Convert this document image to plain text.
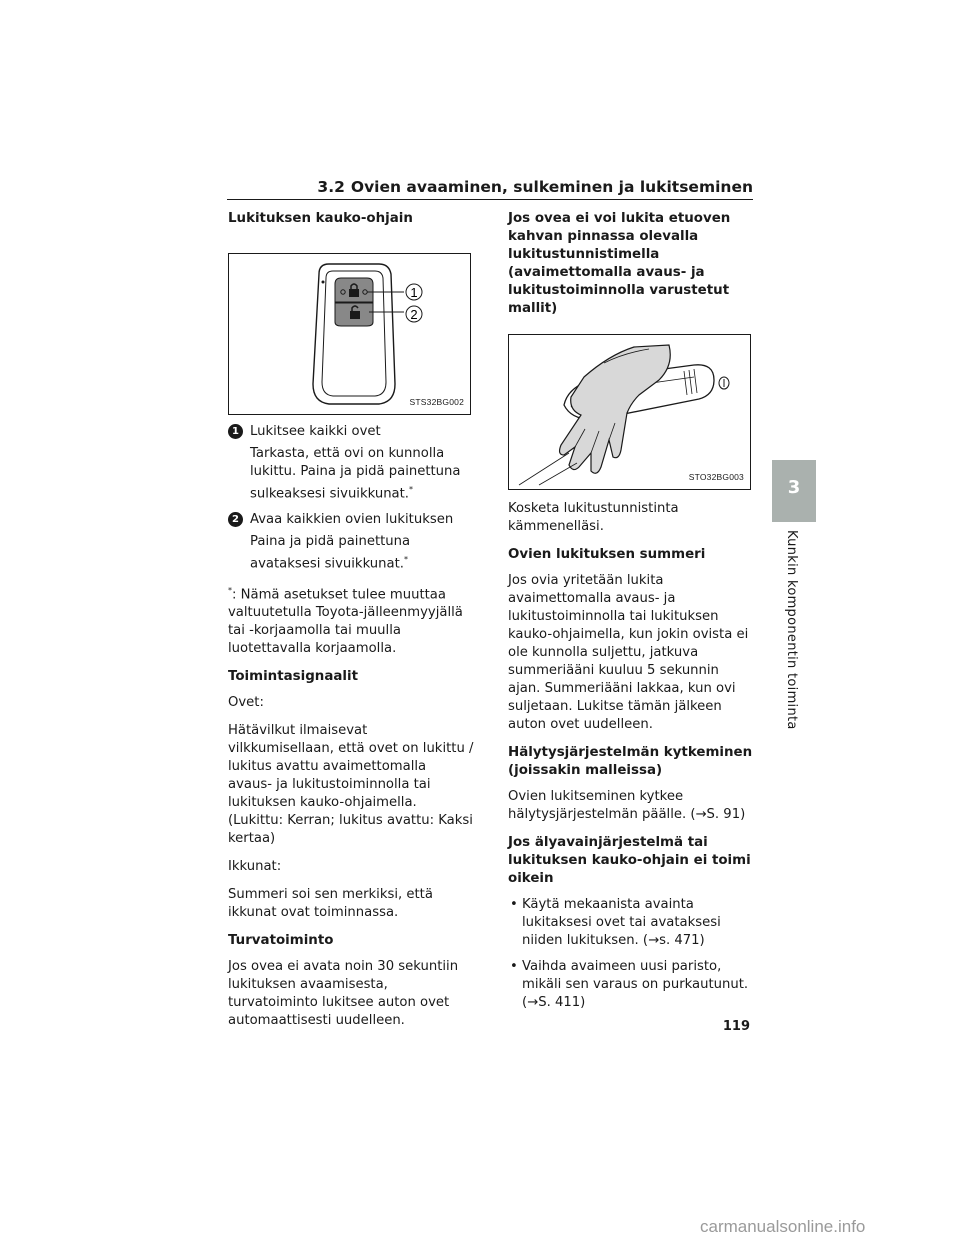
3.2 Ovien avaaminen, sulkeminen ja lukitseminen
Lukituksen kauko-ohjain
1
2
STS32BG002
1 Lukitsee kaikki ovet
Tarkasta, että ovi on kunnolla lukittu. Paina ja pidä painettuna sulkeaksesi sivuikkunat.*
2 Avaa kaikkien ovien lukituksen
Paina ja pidä painettuna avataksesi sivuikkunat.*

*: Nämä asetukset tulee muuttaa valtuutetulla Toyota-jälleenmyyjällä tai -korjaamolla tai muulla luotettavalla korjaamolla.

Toimintasignaalit

Ovet:

Hätävilkut ilmaisevat vilkkumisellaan, että ovet on lukittu / lukitus avattu avaimettomalla avaus- ja lukitustoiminnolla tai lukituksen kauko-ohjaimella. (Lukittu: Kerran; lukitus avattu: Kaksi kertaa)

Ikkunat:

Summeri soi sen merkiksi, että ikkunat ovat toiminnassa.

Turvatoiminto

Jos ovea ei avata noin 30 sekuntiin lukituksen avaamisesta, turvatoiminto lukitsee auton ovet automaattisesti uudelleen.

Jos ovea ei voi lukita etuoven kahvan pinnassa olevalla lukitustunnistimella (avaimettomalla avaus- ja lukitustoiminnolla varustetut mallit)
STO32BG003

Kosketa lukitustunnistinta kämmenelläsi.

Ovien lukituksen summeri

Jos ovia yritetään lukita avaimettomalla avaus- ja lukitustoiminnolla tai lukituksen kauko-ohjaimella, kun jokin ovista ei ole kunnolla suljettu, jatkuva summeriääni kuuluu 5 sekunnin ajan. Summeriääni lakkaa, kun ovi suljetaan. Lukitse tämän jälkeen auton ovet uudelleen.

Hälytysjärjestelmän kytkeminen (joissakin malleissa)

Ovien lukitseminen kytkee hälytysjärjestelmän päälle. (→S. 91)

Jos älyavainjärjestelmä tai lukituksen kauko-ohjain ei toimi oikein
• Käytä mekaanista avainta lukitaksesi ovet tai avataksesi niiden lukituksen. (→s. 471)
• Vaihda avaimeen uusi paristo, mikäli sen varaus on purkautunut. (→S. 411)
3
Kunkin komponentin toiminta
119
carmanualsonline.info
